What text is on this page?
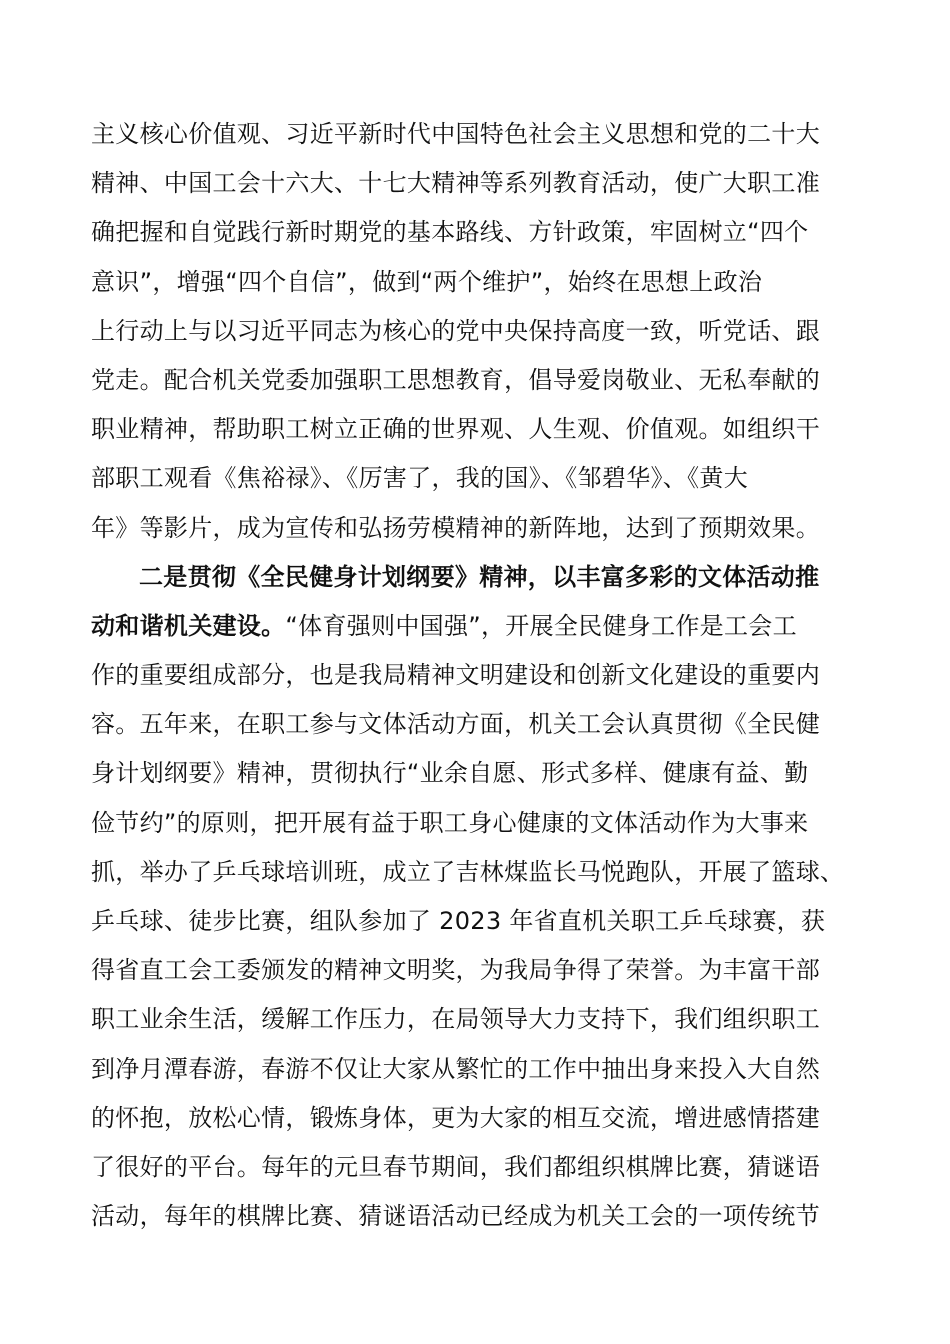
主义核心价值观、习近平新时代中国特色社会主义思想和党的二十大
精神、中国工会十六大、十七大精神等系列教育活动，使广大职工准
确把握和自觉践行新时期党的基本路线、方针政策，牢固树立“四个
意识”，增强“四个自信”，做到“两个维护”，始终在思想上政治
上行动上与以习近平同志为核心的党中央保持高度一致，听党话、跟
党走。配合机关党委加强职工思想教育，倡导爱岗敬业、无私奉献的
职业精神，帮助职工树立正确的世界观、人生观、价值观。如组织干
部职工观看《焦裕禄》、《厉害了，我的国》、《邹碧华》、《黄大
年》等影片，成为宣传和弘扬劳模精神的新阵地，达到了预期效果。
二是贯彻《全民健身计划纲要》精神，以丰富多彩的文体活动推
动和谐机关建设。“体育强则中国强”，开展全民健身工作是工会工
作的重要组成部分，也是我局精神文明建设和创新文化建设的重要内
容。五年来，在职工参与文体活动方面，机关工会认真贯彻《全民健
身计划纲要》精神，贯彻执行“业余自愿、形式多样、健康有益、勤
俭节约”的原则，把开展有益于职工身心健康的文体活动作为大事来
抓，举办了乒乓球培训班，成立了吉林煤监长马悦跑队，开展了篮球、
乒乓球、徒步比赛，组队参加了 2023 年省直机关职工乒乓球赛，获
得省直工会工委颁发的精神文明奖，为我局争得了荣誉。为丰富干部
职工业余生活，缓解工作压力，在局领导大力支持下，我们组织职工
到净月潭春游，春游不仅让大家从繁忙的工作中抽出身来投入大自然
的怀抱，放松心情，锻炼身体，更为大家的相互交流，增进感情搭建
了很好的平台。每年的元旦春节期间，我们都组织棋牌比赛，猜谜语
活动，每年的棋牌比赛、猜谜语活动已经成为机关工会的一项传统节
